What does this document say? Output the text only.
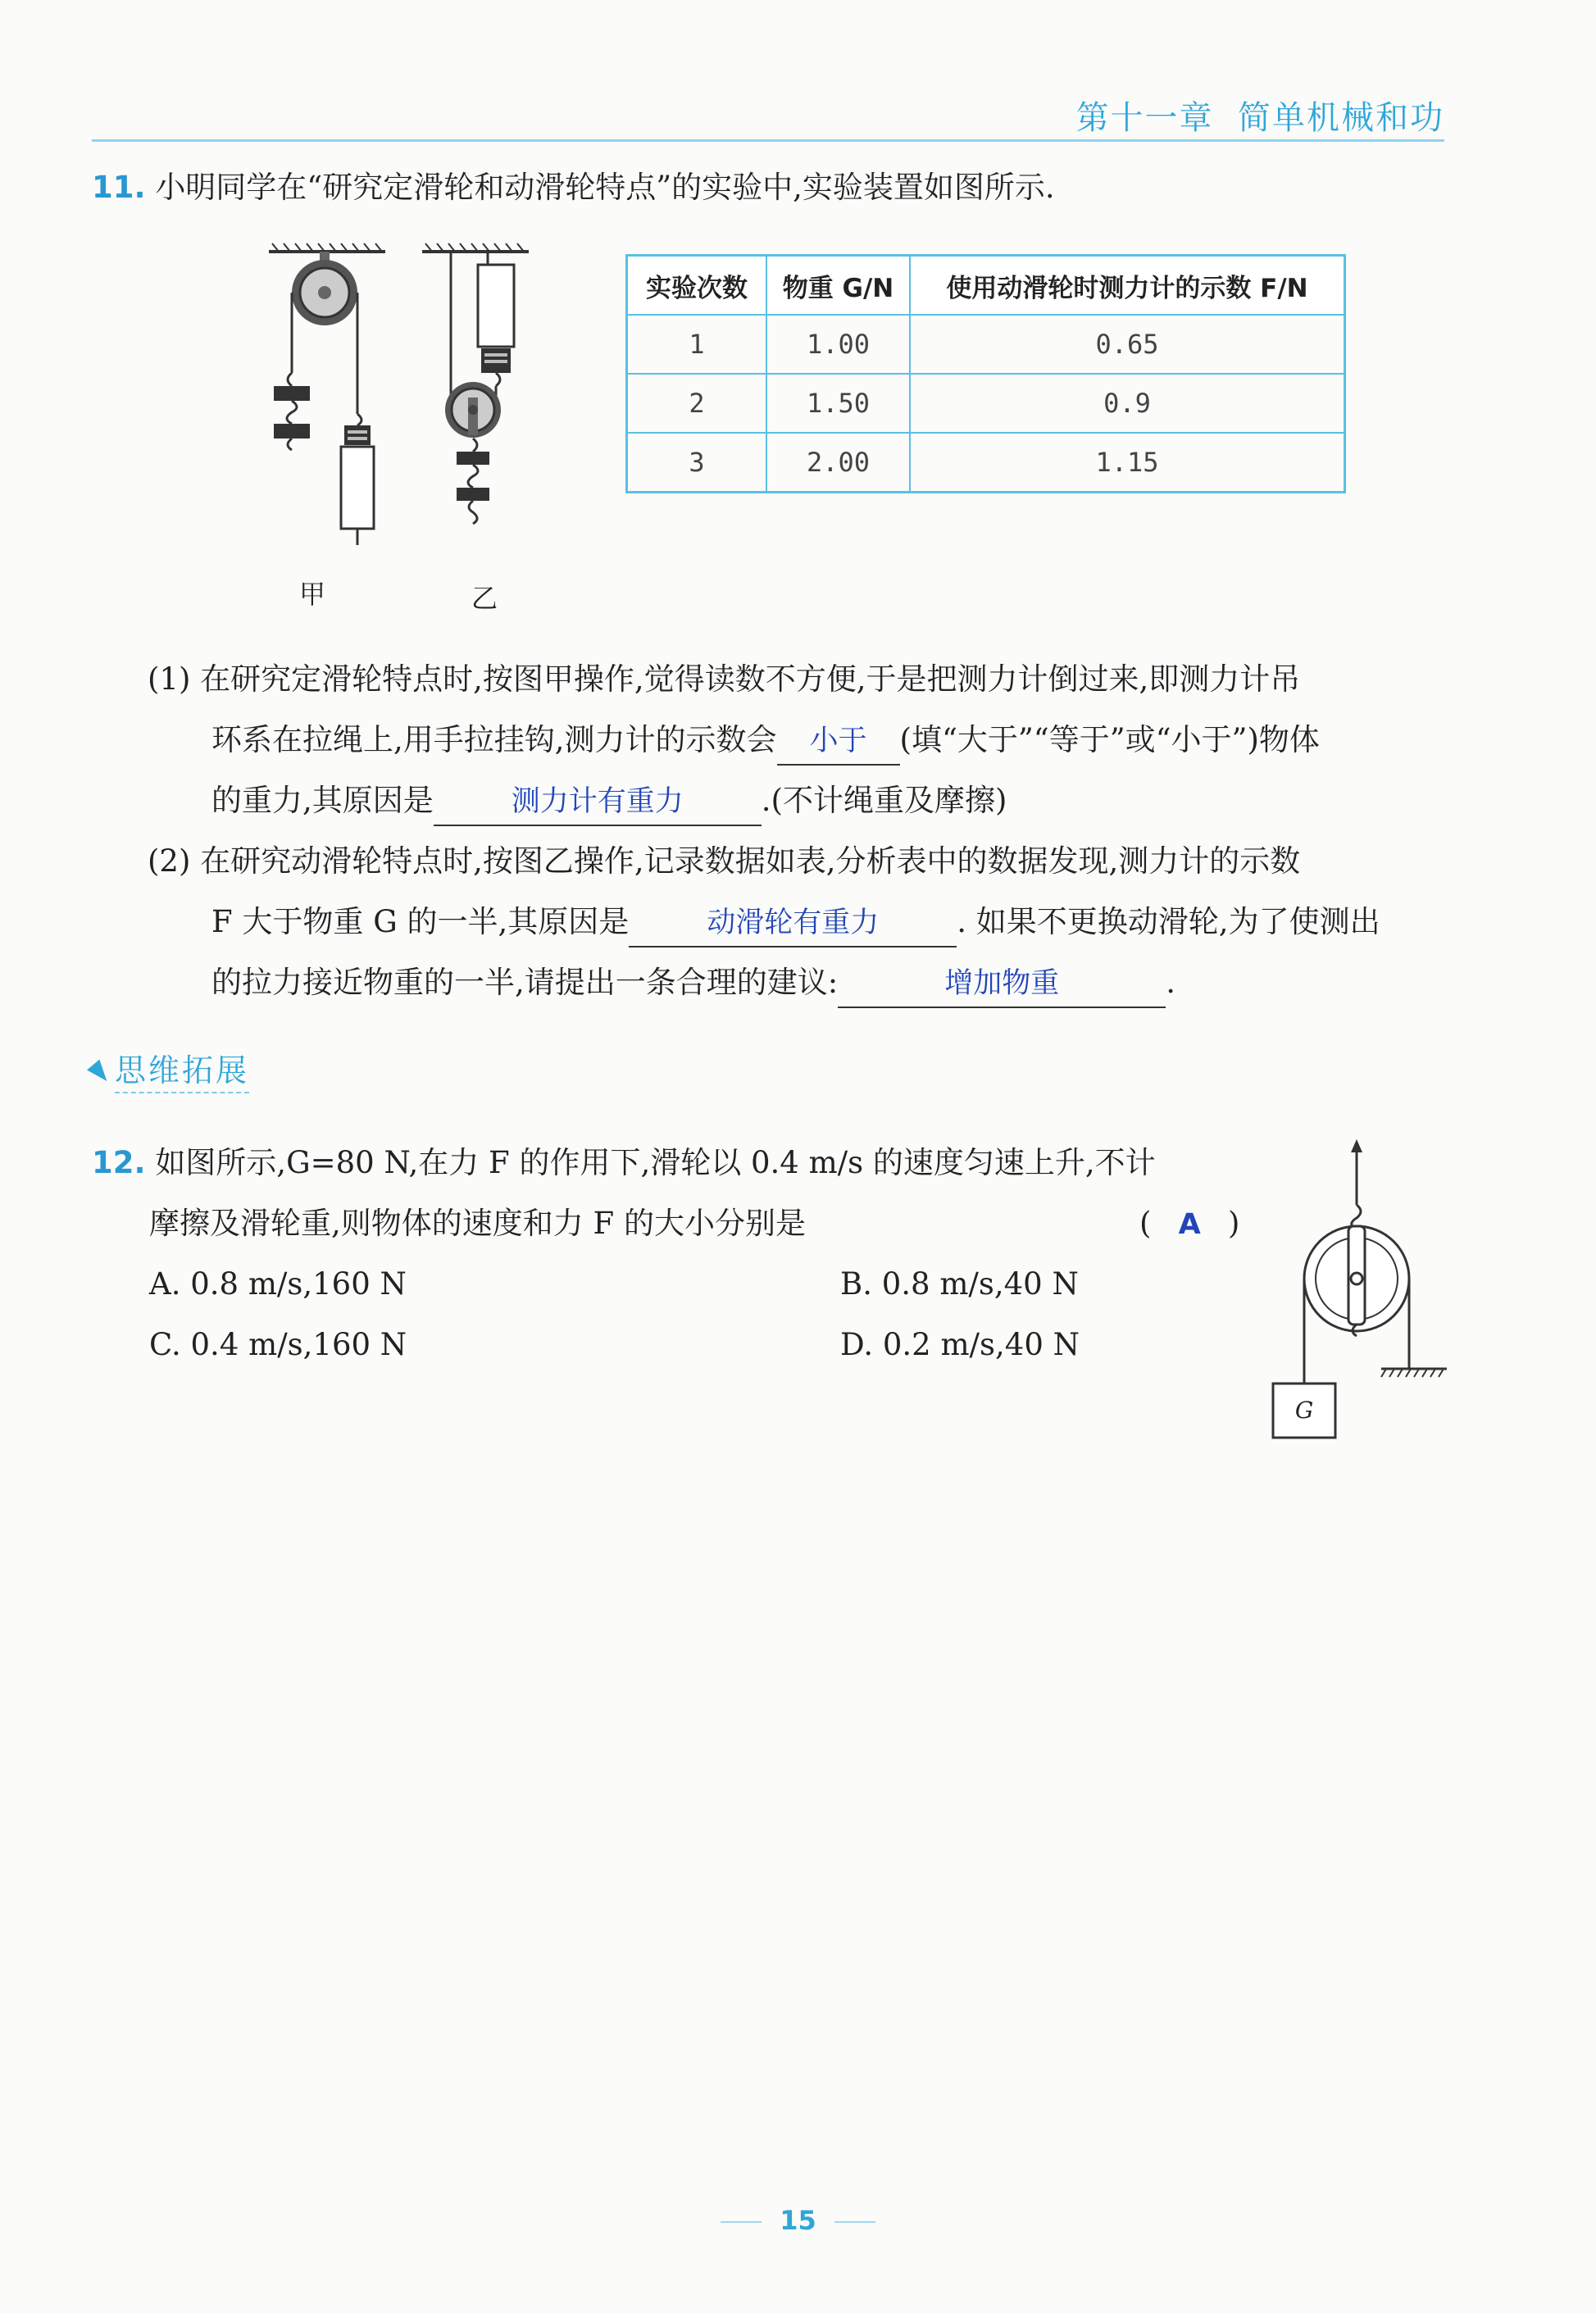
第十一章 简单机械和功
11. 小明同学在“研究定滑轮和动滑轮特点”的实验中,实验装置如图所示.
甲	乙
实验次数	物重 G/N	使用动滑轮时测力计的示数 F/N
1	1.00	0.65
2	1.50	0.9
3	2.00	1.15
(1) 在研究定滑轮特点时,按图甲操作,觉得读数不方便,于是把测力计倒过来,即测力计吊
环系在拉绳上,用手拉挂钩,测力计的示数会 小于 (填“大于”“等于”或“小于”)物体
的重力,其原因是	测力计有重力	.(不计绳重及摩擦)
(2) 在研究动滑轮特点时,按图乙操作,记录数据如表,分析表中的数据发现,测力计的示数
F 大于物重 G 的一半,其原因是	动滑轮有重力	. 如果不更换动滑轮,为了使测出
的拉力接近物重的一半,请提出一条合理的建议:	增加物重	.
思维拓展
12. 如图所示,G=80 N,在力 F 的作用下,滑轮以 0.4 m/s 的速度匀速上升,不计
摩擦及滑轮重,则物体的速度和力 F 的大小分别是	( A )
A. 0.8 m/s,160 N	B. 0.8 m/s,40 N
C. 0.4 m/s,160 N	D. 0.2 m/s,40 N
G
15
